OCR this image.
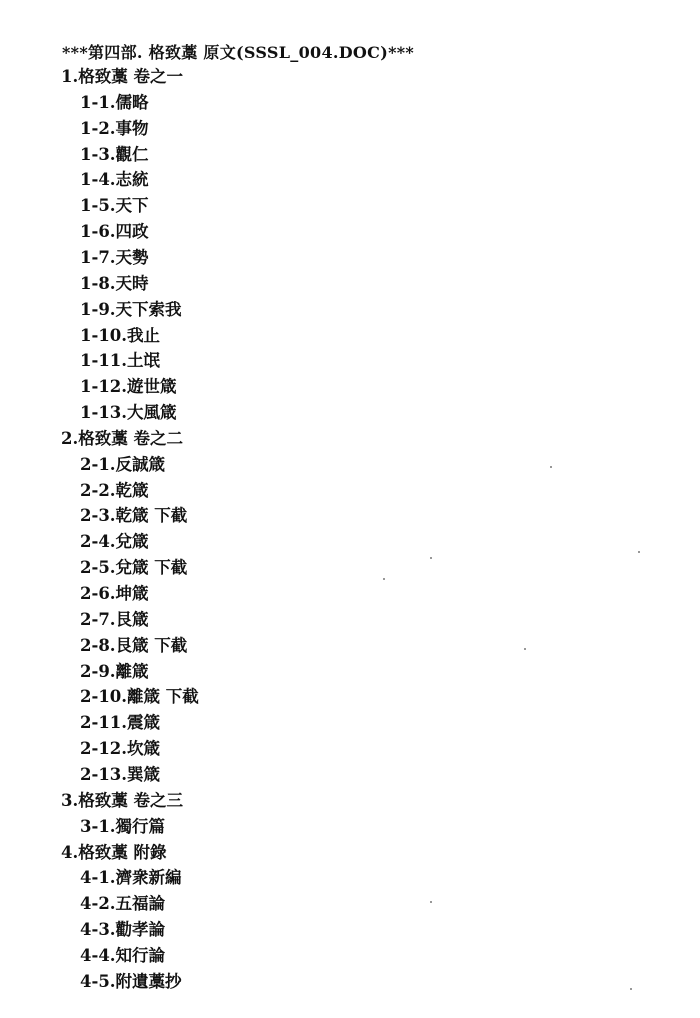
***第四部. 格致藁 原文(SSSL_004.DOC)***
1.格致藁 卷之一
1-1.儒略
1-2.事物
1-3.觀仁
1-4.志統
1-5.天下
1-6.四政
1-7.天勢
1-8.天時
1-9.天下索我
1-10.我止
1-11.土氓
1-12.遊世箴
1-13.大風箴
2.格致藁 卷之二
2-1.反誠箴
2-2.乾箴
2-3.乾箴 下截
2-4.兌箴
2-5.兌箴 下截
2-6.坤箴
2-7.艮箴
2-8.艮箴 下截
2-9.離箴
2-10.離箴 下截
2-11.震箴
2-12.坎箴
2-13.巽箴
3.格致藁 卷之三
3-1.獨行篇
4.格致藁 附錄
4-1.濟衆新編
4-2.五福論
4-3.勸孝論
4-4.知行論
4-5.附遺藁抄
